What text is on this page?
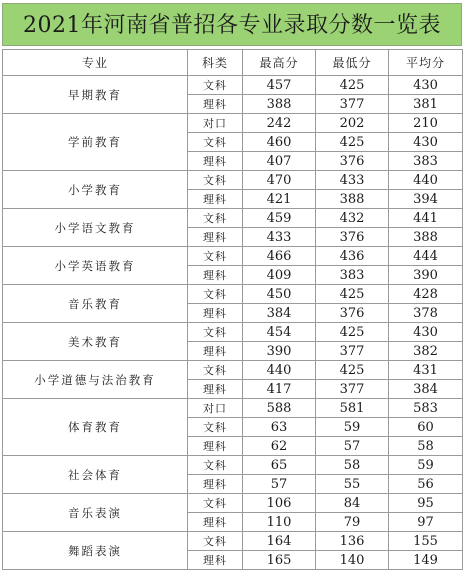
2021年河南省普招各专业录取分数一览表
专业	科类	最高分	最低分	平均分
早期教育	文科	457	425	430
	理科	388	377	381
学前教育	对口	242	202	210
	文科	460	425	430
	理科	407	376	383
小学教育	文科	470	433	440
	理科	421	388	394
小学语文教育	文科	459	432	441
	理科	433	376	388
小学英语教育	文科	466	436	444
	理科	409	383	390
音乐教育	文科	450	425	428
	理科	384	376	378
美术教育	文科	454	425	430
	理科	390	377	382
小学道德与法治教育	文科	440	425	431
	理科	417	377	384
体育教育	对口	588	581	583
	文科	63	59	60
	理科	62	57	58
社会体育	文科	65	58	59
	理科	57	55	56
音乐表演	文科	106	84	95
	理科	110	79	97
舞蹈表演	文科	164	136	155
	理科	165	140	149
